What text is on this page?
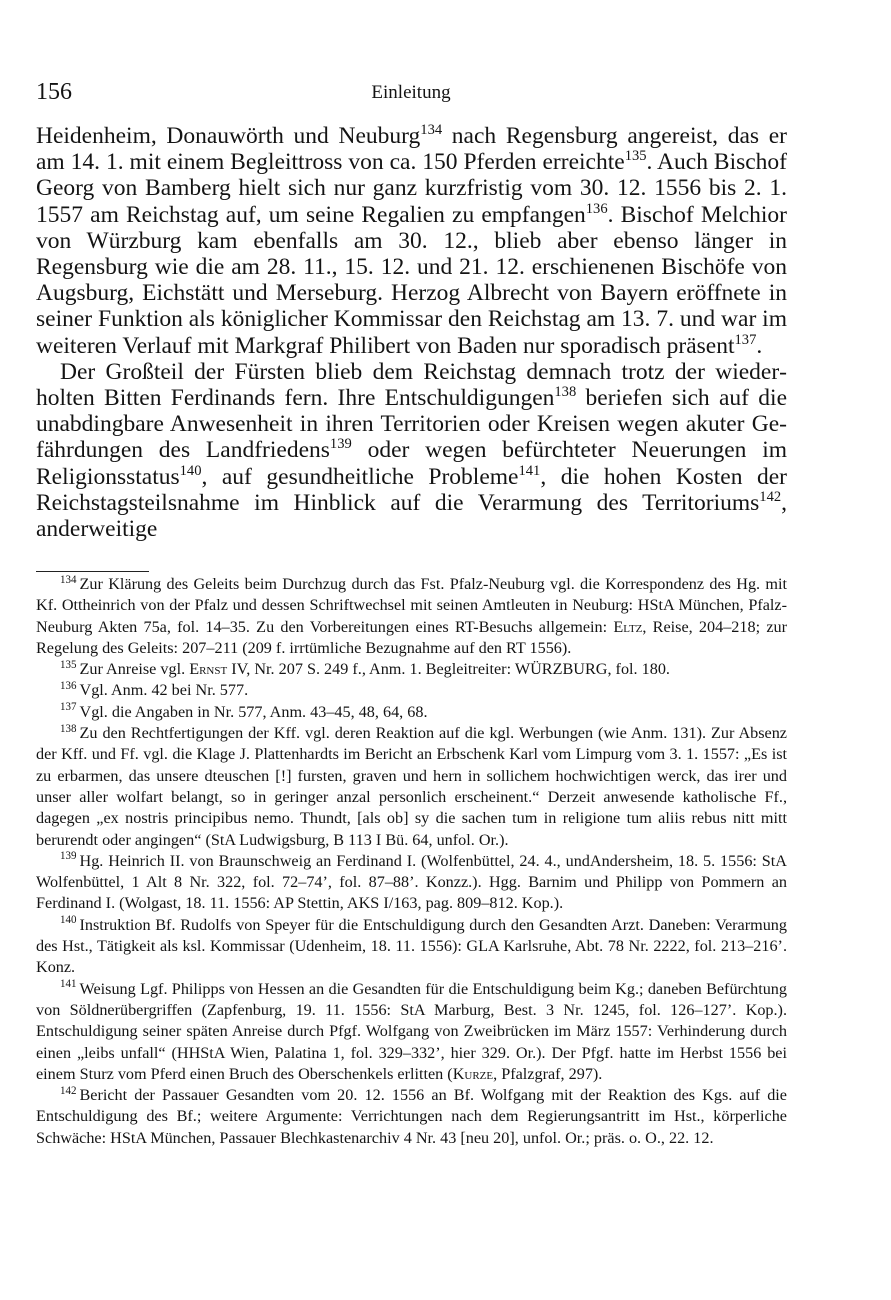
156	Einleitung

Heidenheim, Donauwörth und Neuburg$^{134}$ nach Regensburg angereist, das er am 14. 1. mit einem Begleittross von ca. 150 Pferden erreichte$^{135}$. Auch Bischof Georg von Bamberg hielt sich nur ganz kurzfristig vom 30. 12. 1556 bis 2. 1. 1557 am Reichstag auf, um seine Regalien zu empfangen$^{136}$. Bischof Melchior von Würzburg kam ebenfalls am 30. 12., blieb aber ebenso länger in Regensburg wie die am 28. 11., 15. 12. und 21. 12. erschienenen Bischöfe von Augsburg, Eichstätt und Merseburg. Herzog Albrecht von Bayern eröffnete in seiner Funktion als königlicher Kommissar den Reichstag am 13. 7. und war im weiteren Verlauf mit Markgraf Philibert von Baden nur sporadisch präsent$^{137}$.

Der Großteil der Fürsten blieb dem Reichstag demnach trotz der wiederholten Bitten Ferdinands fern. Ihre Entschuldigungen$^{138}$ beriefen sich auf die unabdingbare Anwesenheit in ihren Territorien oder Kreisen wegen akuter Gefährdungen des Landfriedens$^{139}$ oder wegen befürchteter Neuerungen im Religionsstatus$^{140}$, auf gesundheitliche Probleme$^{141}$, die hohen Kosten der Reichstagsteilsnahme im Hinblick auf die Verarmung des Territoriums$^{142}$, anderweitige

$^{134}$ Zur Klärung des Geleits beim Durchzug durch das Fst. Pfalz-Neuburg vgl. die Korrespondenz des Hg. mit Kf. Ottheinrich von der Pfalz und dessen Schriftwechsel mit seinen Amtleuten in Neuburg: HStA München, Pfalz-Neuburg Akten 75a, fol. 14–35. Zu den Vorbereitungen eines RT-Besuchs allgemein: Eltz, Reise, 204–218; zur Regelung des Geleits: 207–211 (209 f. irrtümliche Bezugnahme auf den RT 1556).

$^{135}$ Zur Anreise vgl. Ernst IV, Nr. 207 S. 249 f., Anm. 1. Begleitreiter: WÜRZBURG, fol. 180.

$^{136}$ Vgl. Anm. 42 bei Nr. 577.

$^{137}$ Vgl. die Angaben in Nr. 577, Anm. 43–45, 48, 64, 68.

$^{138}$ Zu den Rechtfertigungen der Kff. vgl. deren Reaktion auf die kgl. Werbungen (wie Anm. 131). Zur Absenz der Kff. und Ff. vgl. die Klage J. Plattenhardts im Bericht an Erbschenk Karl vom Limpurg vom 3. 1. 1557: „Es ist zu erbarmen, das unsere dteuschen [!] fursten, graven und hern in sollichem hochwichtigen werck, das irer und unser aller wolfart belangt, so in geringer anzal personlich erscheinent.“ Derzeit anwesende katholische Ff., dagegen „ex nostris principibus nemo. Thundt, [als ob] sy die sachen tum in religione tum aliis rebus nitt mitt berurendt oder angingen“ (StA Ludwigsburg, B 113 I Bü. 64, unfol. Or.).

$^{139}$ Hg. Heinrich II. von Braunschweig an Ferdinand I. (Wolfenbüttel, 24. 4., undAndersheim, 18. 5. 1556: StA Wolfenbüttel, 1 Alt 8 Nr. 322, fol. 72–74’, fol. 87–88’. Konzz.). Hgg. Barnim und Philipp von Pommern an Ferdinand I. (Wolgast, 18. 11. 1556: AP Stettin, AKS I/163, pag. 809–812. Kop.).

$^{140}$ Instruktion Bf. Rudolfs von Speyer für die Entschuldigung durch den Gesandten Arzt. Daneben: Verarmung des Hst., Tätigkeit als ksl. Kommissar (Udenheim, 18. 11. 1556): GLA Karlsruhe, Abt. 78 Nr. 2222, fol. 213–216’. Konz.

$^{141}$ Weisung Lgf. Philipps von Hessen an die Gesandten für die Entschuldigung beim Kg.; daneben Befürchtung von Söldnerübergriffen (Zapfenburg, 19. 11. 1556: StA Marburg, Best. 3 Nr. 1245, fol. 126–127’. Kop.). Entschuldigung seiner späten Anreise durch Pfgf. Wolfgang von Zweibrücken im März 1557: Verhinderung durch einen „leibs unfall“ (HHStA Wien, Palatina 1, fol. 329–332’, hier 329. Or.). Der Pfgf. hatte im Herbst 1556 bei einem Sturz vom Pferd einen Bruch des Oberschenkels erlitten (Kurze, Pfalzgraf, 297).

$^{142}$ Bericht der Passauer Gesandten vom 20. 12. 1556 an Bf. Wolfgang mit der Reaktion des Kgs. auf die Entschuldigung des Bf.; weitere Argumente: Verrichtungen nach dem Regierungsantritt im Hst., körperliche Schwäche: HStA München, Passauer Blechkastenarchiv 4 Nr. 43 [neu 20], unfol. Or.; präs. o. O., 22. 12.
